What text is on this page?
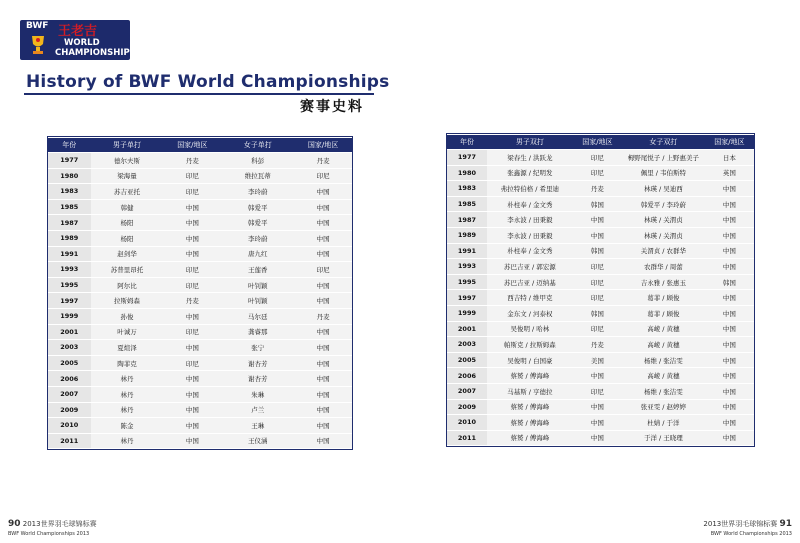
BWF 王老吉
WORLD
CHAMPIONSHIPS
History of BWF World Championships
赛事史料
年份	男子单打	国家/地区	女子单打	国家/地区
1977	德尔夫斯	丹麦	科彭	丹麦
1980	梁海量	印尼	维拉瓦蒂	印尼
1983	苏吉亚托	印尼	李玲蔚	中国
1985	韩健	中国	韩爱平	中国
1987	杨阳	中国	韩爱平	中国
1989	杨阳	中国	李玲蔚	中国
1991	赵剑华	中国	唐九红	中国
1993	苏普里昂托	印尼	王莲香	印尼
1995	阿尔比	印尼	叶钊颖	中国
1997	拉斯姆森	丹麦	叶钊颖	中国
1999	孙俊	中国	马尔廷	丹麦
2001	叶诚万	印尼	龚睿那	中国
2003	夏煊泽	中国	张宁	中国
2005	陶菲克	印尼	谢杏芳	中国
2006	林丹	中国	谢杏芳	中国
2007	林丹	中国	朱琳	中国
2009	林丹	中国	卢兰	中国
2010	陈金	中国	王琳	中国
2011	林丹	中国	王仪涵	中国
年份	男子双打	国家/地区	女子双打	国家/地区
1977	梁春生 / 洪跃龙	印尼	栂野尾悦子 / 上野惠美子	日本
1980	张鑫源 / 纪明发	印尼	佩里 / 韦伯斯特	英国
1983	弗拉特伯格 / 希里迪	丹麦	林瑛 / 吴迪西	中国
1985	朴柱奉 / 金文秀	韩国	韩爱平 / 李玲蔚	中国
1987	李永波 / 田秉毅	中国	林瑛 / 关渭贞	中国
1989	李永波 / 田秉毅	中国	林瑛 / 关渭贞	中国
1991	朴柱奉 / 金文秀	韩国	关渭贞 / 农群华	中国
1993	苏巴吉亚 / 郭宏源	印尼	农群华 / 周蕾	中国
1995	苏巴吉亚 / 迈纳基	印尼	吉永雅 / 张惠玉	韩国
1997	西吉特 / 维甲克	印尼	葛菲 / 顾俊	中国
1999	金东文 / 河泰权	韩国	葛菲 / 顾俊	中国
2001	吴俊明 / 哈林	印尼	高崚 / 黄穗	中国
2003	帕斯克 / 拉斯姆森	丹麦	高崚 / 黄穗	中国
2005	吴俊明 / 白国豪	美国	杨维 / 张洁雯	中国
2006	蔡赟 / 傅海峰	中国	高崚 / 黄穗	中国
2007	马基斯 / 亨德拉	印尼	杨维 / 张洁雯	中国
2009	蔡赟 / 傅海峰	中国	张亚雯 / 赵婷婷	中国
2010	蔡赟 / 傅海峰	中国	杜婧 / 于洋	中国
2011	蔡赟 / 傅海峰	中国	于洋 / 王晓理	中国
90 2013世界羽毛球锦标赛
BWF World Championships 2013
2013世界羽毛球锦标赛 91
BWF World Championships 2013
